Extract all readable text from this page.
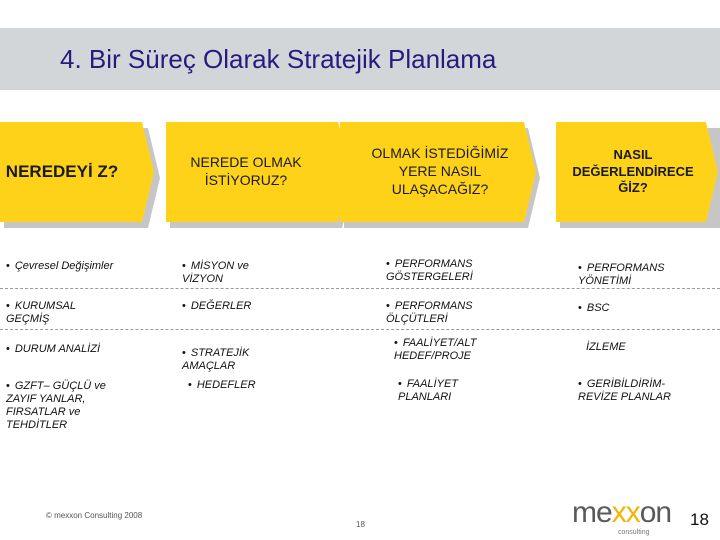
4. Bir Süreç Olarak Stratejik Planlama
NEREDEYİ Z?
NEREDE OLMAK İSTİYORUZ?
OLMAK İSTEDİĞİMİZ YERE NASIL ULAŞACAĞIZ?
NASIL DEĞERLENDİRECE ĞİZ?
• Çevresel Değişimler
• KURUMSAL GEÇMİŞ
• DURUM ANALİZİ
• GZFT– GÜÇLÜ ve ZAYIF YANLAR, FIRSATLAR ve TEHDİTLER
• MİSYON ve VİZYON
• DEĞERLER
• STRATEJİK AMAÇLAR
• HEDEFLER
• PERFORMANS GÖSTERGELERİ
• PERFORMANS ÖLÇÜTLERİ
• FAALİYET/ALT HEDEF/PROJE
• FAALİYET PLANLARI
• PERFORMANS YÖNETİMİ
• BSC
İZLEME
• GERİBİLDİRİM-REVİZE PLANLAR
© mexxon Consulting 2008
18	mexxon
consulting
18
